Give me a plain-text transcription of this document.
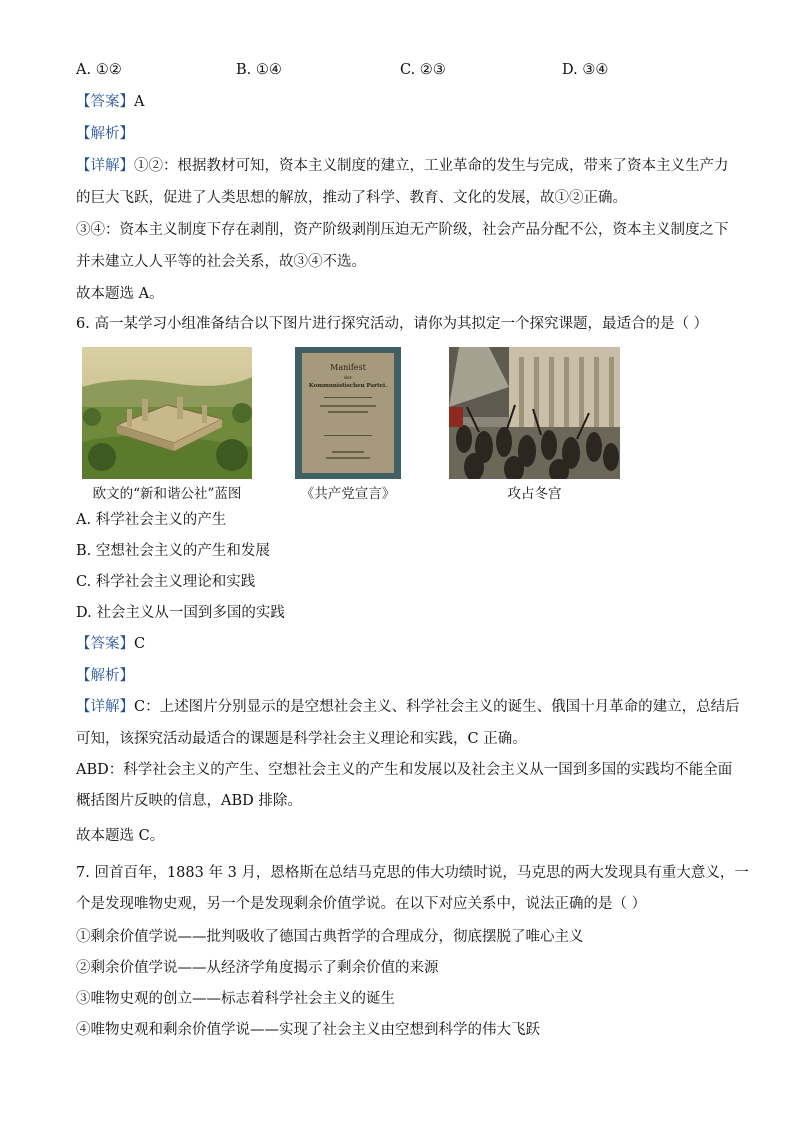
A. ①②	B. ①④	C. ②③	D. ③④
【答案】A
【解析】
【详解】①②：根据教材可知，资本主义制度的建立，工业革命的发生与完成，带来了资本主义生产力
的巨大飞跃，促进了人类思想的解放，推动了科学、教育、文化的发展，故①②正确。
③④：资本主义制度下存在剥削，资产阶级剥削压迫无产阶级，社会产品分配不公，资本主义制度之下
并未建立人人平等的社会关系，故③④不选。
故本题选 A。
6. 高一某学习小组准备结合以下图片进行探究活动，请你为其拟定一个探究课题，最适合的是（ ）
Manifest
der
Kommunistischen Partei.
欧文的“新和谐公社”蓝图	《共产党宣言》	攻占冬宫
A. 科学社会主义的产生
B. 空想社会主义的产生和发展
C. 科学社会主义理论和实践
D. 社会主义从一国到多国的实践
【答案】C
【解析】
【详解】C：上述图片分别显示的是空想社会主义、科学社会主义的诞生、俄国十月革命的建立，总结后
可知，该探究活动最适合的课题是科学社会主义理论和实践，C 正确。
ABD：科学社会主义的产生、空想社会主义的产生和发展以及社会主义从一国到多国的实践均不能全面
概括图片反映的信息，ABD 排除。
故本题选 C。
7. 回首百年，1883 年 3 月，恩格斯在总结马克思的伟大功绩时说，马克思的两大发现具有重大意义，一
个是发现唯物史观，另一个是发现剩余价值学说。在以下对应关系中，说法正确的是（ ）
①剩余价值学说——批判吸收了德国古典哲学的合理成分，彻底摆脱了唯心主义
②剩余价值学说——从经济学角度揭示了剩余价值的来源
③唯物史观的创立——标志着科学社会主义的诞生
④唯物史观和剩余价值学说——实现了社会主义由空想到科学的伟大飞跃
